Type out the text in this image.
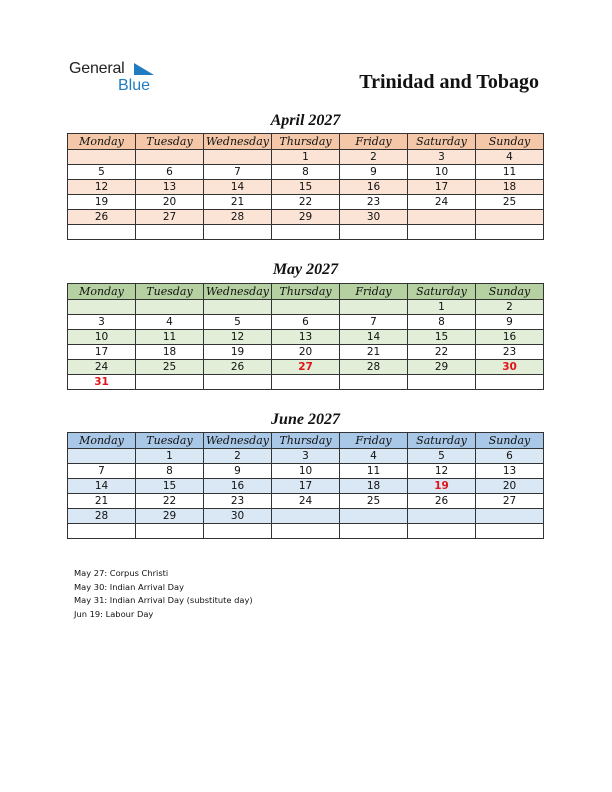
General
Blue	Trinidad and Tobago
April 2027
Monday	Tuesday	Wednesday	Thursday	Friday	Saturday	Sunday
			1	2	3	4
5	6	7	8	9	10	11
12	13	14	15	16	17	18
19	20	21	22	23	24	25
26	27	28	29	30		

May 2027
Monday	Tuesday	Wednesday	Thursday	Friday	Saturday	Sunday
					1	2
3	4	5	6	7	8	9
10	11	12	13	14	15	16
17	18	19	20	21	22	23
24	25	26	27	28	29	30
31						
June 2027
Monday	Tuesday	Wednesday	Thursday	Friday	Saturday	Sunday
	1	2	3	4	5	6
7	8	9	10	11	12	13
14	15	16	17	18	19	20
21	22	23	24	25	26	27
28	29	30				

May 27: Corpus Christi
May 30: Indian Arrival Day
May 31: Indian Arrival Day (substitute day)
Jun 19: Labour Day
